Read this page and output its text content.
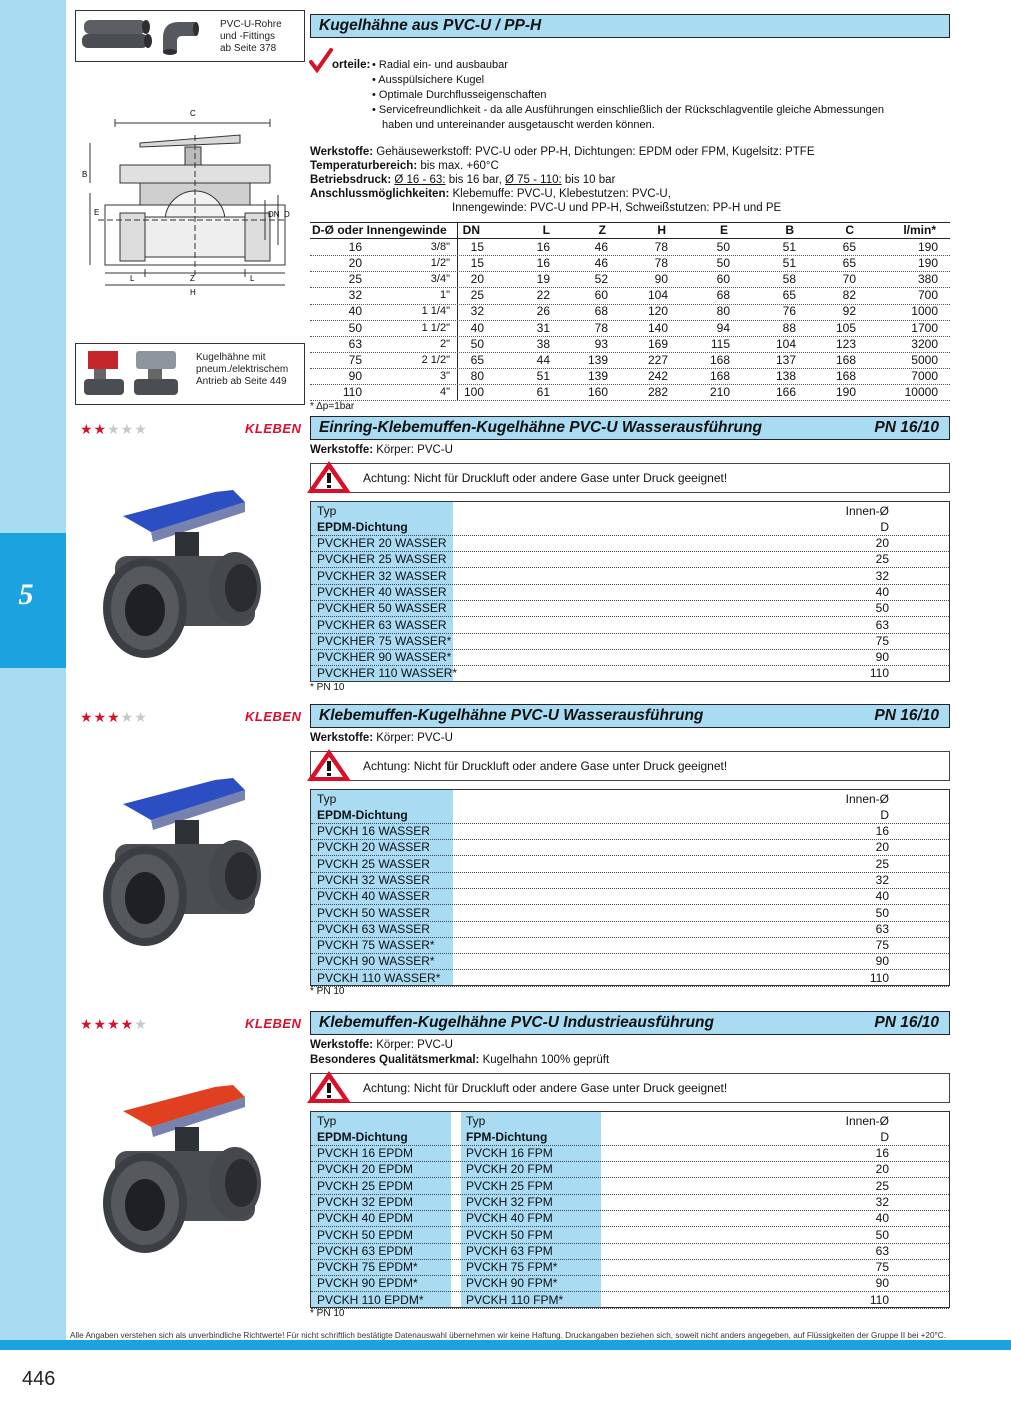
5
Alle Angaben verstehen sich als unverbindliche Richtwerte! Für nicht schriftlich bestätigte Datenauswahl übernehmen wir keine Haftung. Druckangaben beziehen sich, soweit nicht anders angegeben, auf Flüssigkeiten der Gruppe II bei +20°C.
446
PVC-U-Rohre
und -Fittings
ab Seite 378
C
B
E	DN D
L	Z	L
H
Kugelhähne mit
pneum./elektrischem
Antrieb ab Seite 449
Kugelhähne aus PVC-U / PP-H
orteile: • Radial ein- und ausbaubar
• Ausspülsichere Kugel
• Optimale Durchflusseigenschaften
• Servicefreundlichkeit - da alle Ausführungen einschließlich der Rückschlagventile gleiche Abmessungen
haben und untereinander ausgetauscht werden können.
Werkstoffe: Gehäusewerkstoff: PVC-U oder PP-H, Dichtungen: EPDM oder FPM, Kugelsitz: PTFE
Temperaturbereich: bis max. +60°C
Betriebsdruck: Ø 16 - 63: bis 16 bar, Ø 75 - 110: bis 10 bar
Anschlussmöglichkeiten: Klebemuffe: PVC-U, Klebestutzen: PVC-U,
Innengewinde: PVC-U und PP-H, Schweißstutzen: PP-H und PE
D-Ø oder Innengewinde DN	L	Z	H	E	B	C	l/min*
16	3/8" 15	16	46	78	50	51	65	190
20	1/2" 15	16	46	78	50	51	65	190
25	3/4" 20	19	52	90	60	58	70	380
32	1" 25	22	60	104	68	65	82	700
40	1 1/4" 32	26	68	120	80	76	92	1000
50	1 1/2" 40	31	78	140	94	88	105	1700
63	2" 50	38	93	169	115	104	123	3200
75	2 1/2" 65	44	139	227	168	137	168	5000
90	3" 80	51	139	242	168	138	168	7000
110	4" 100	61	160	282	210	166	190	10000
* Δp=1bar
★★★★★	KLEBEN Einring-Klebemuffen-Kugelhähne PVC-U Wasserausführung	PN 16/10
Werkstoffe: Körper: PVC-U
Achtung: Nicht für Druckluft oder andere Gase unter Druck geeignet!
Typ	Innen-Ø
EPDM-Dichtung	D
PVCKHER 20 WASSER	20
PVCKHER 25 WASSER	25
PVCKHER 32 WASSER	32
PVCKHER 40 WASSER	40
PVCKHER 50 WASSER	50
PVCKHER 63 WASSER	63
PVCKHER 75 WASSER*	75
PVCKHER 90 WASSER*	90
PVCKHER 110 WASSER*	110
* PN 10
★★★★★	KLEBEN Klebemuffen-Kugelhähne PVC-U Wasserausführung	PN 16/10
Werkstoffe: Körper: PVC-U
Achtung: Nicht für Druckluft oder andere Gase unter Druck geeignet!
Typ	Innen-Ø
EPDM-Dichtung	D
PVCKH 16 WASSER	16
PVCKH 20 WASSER	20
PVCKH 25 WASSER	25
PVCKH 32 WASSER	32
PVCKH 40 WASSER	40
PVCKH 50 WASSER	50
PVCKH 63 WASSER	63
PVCKH 75 WASSER*	75
PVCKH 90 WASSER*	90
PVCKH 110 WASSER*	110
* PN 10
★★★★★	KLEBEN Klebemuffen-Kugelhähne PVC-U Industrieausführung	PN 16/10
Werkstoffe: Körper: PVC-U
Besonderes Qualitätsmerkmal: Kugelhahn 100% geprüft
Achtung: Nicht für Druckluft oder andere Gase unter Druck geeignet!
Typ	Typ	Innen-Ø
EPDM-Dichtung	FPM-Dichtung	D
PVCKH 16 EPDM	PVCKH 16 FPM	16
PVCKH 20 EPDM	PVCKH 20 FPM	20
PVCKH 25 EPDM	PVCKH 25 FPM	25
PVCKH 32 EPDM	PVCKH 32 FPM	32
PVCKH 40 EPDM	PVCKH 40 FPM	40
PVCKH 50 EPDM	PVCKH 50 FPM	50
PVCKH 63 EPDM	PVCKH 63 FPM	63
PVCKH 75 EPDM*	PVCKH 75 FPM*	75
PVCKH 90 EPDM*	PVCKH 90 FPM*	90
PVCKH 110 EPDM*	PVCKH 110 FPM*	110
* PN 10
